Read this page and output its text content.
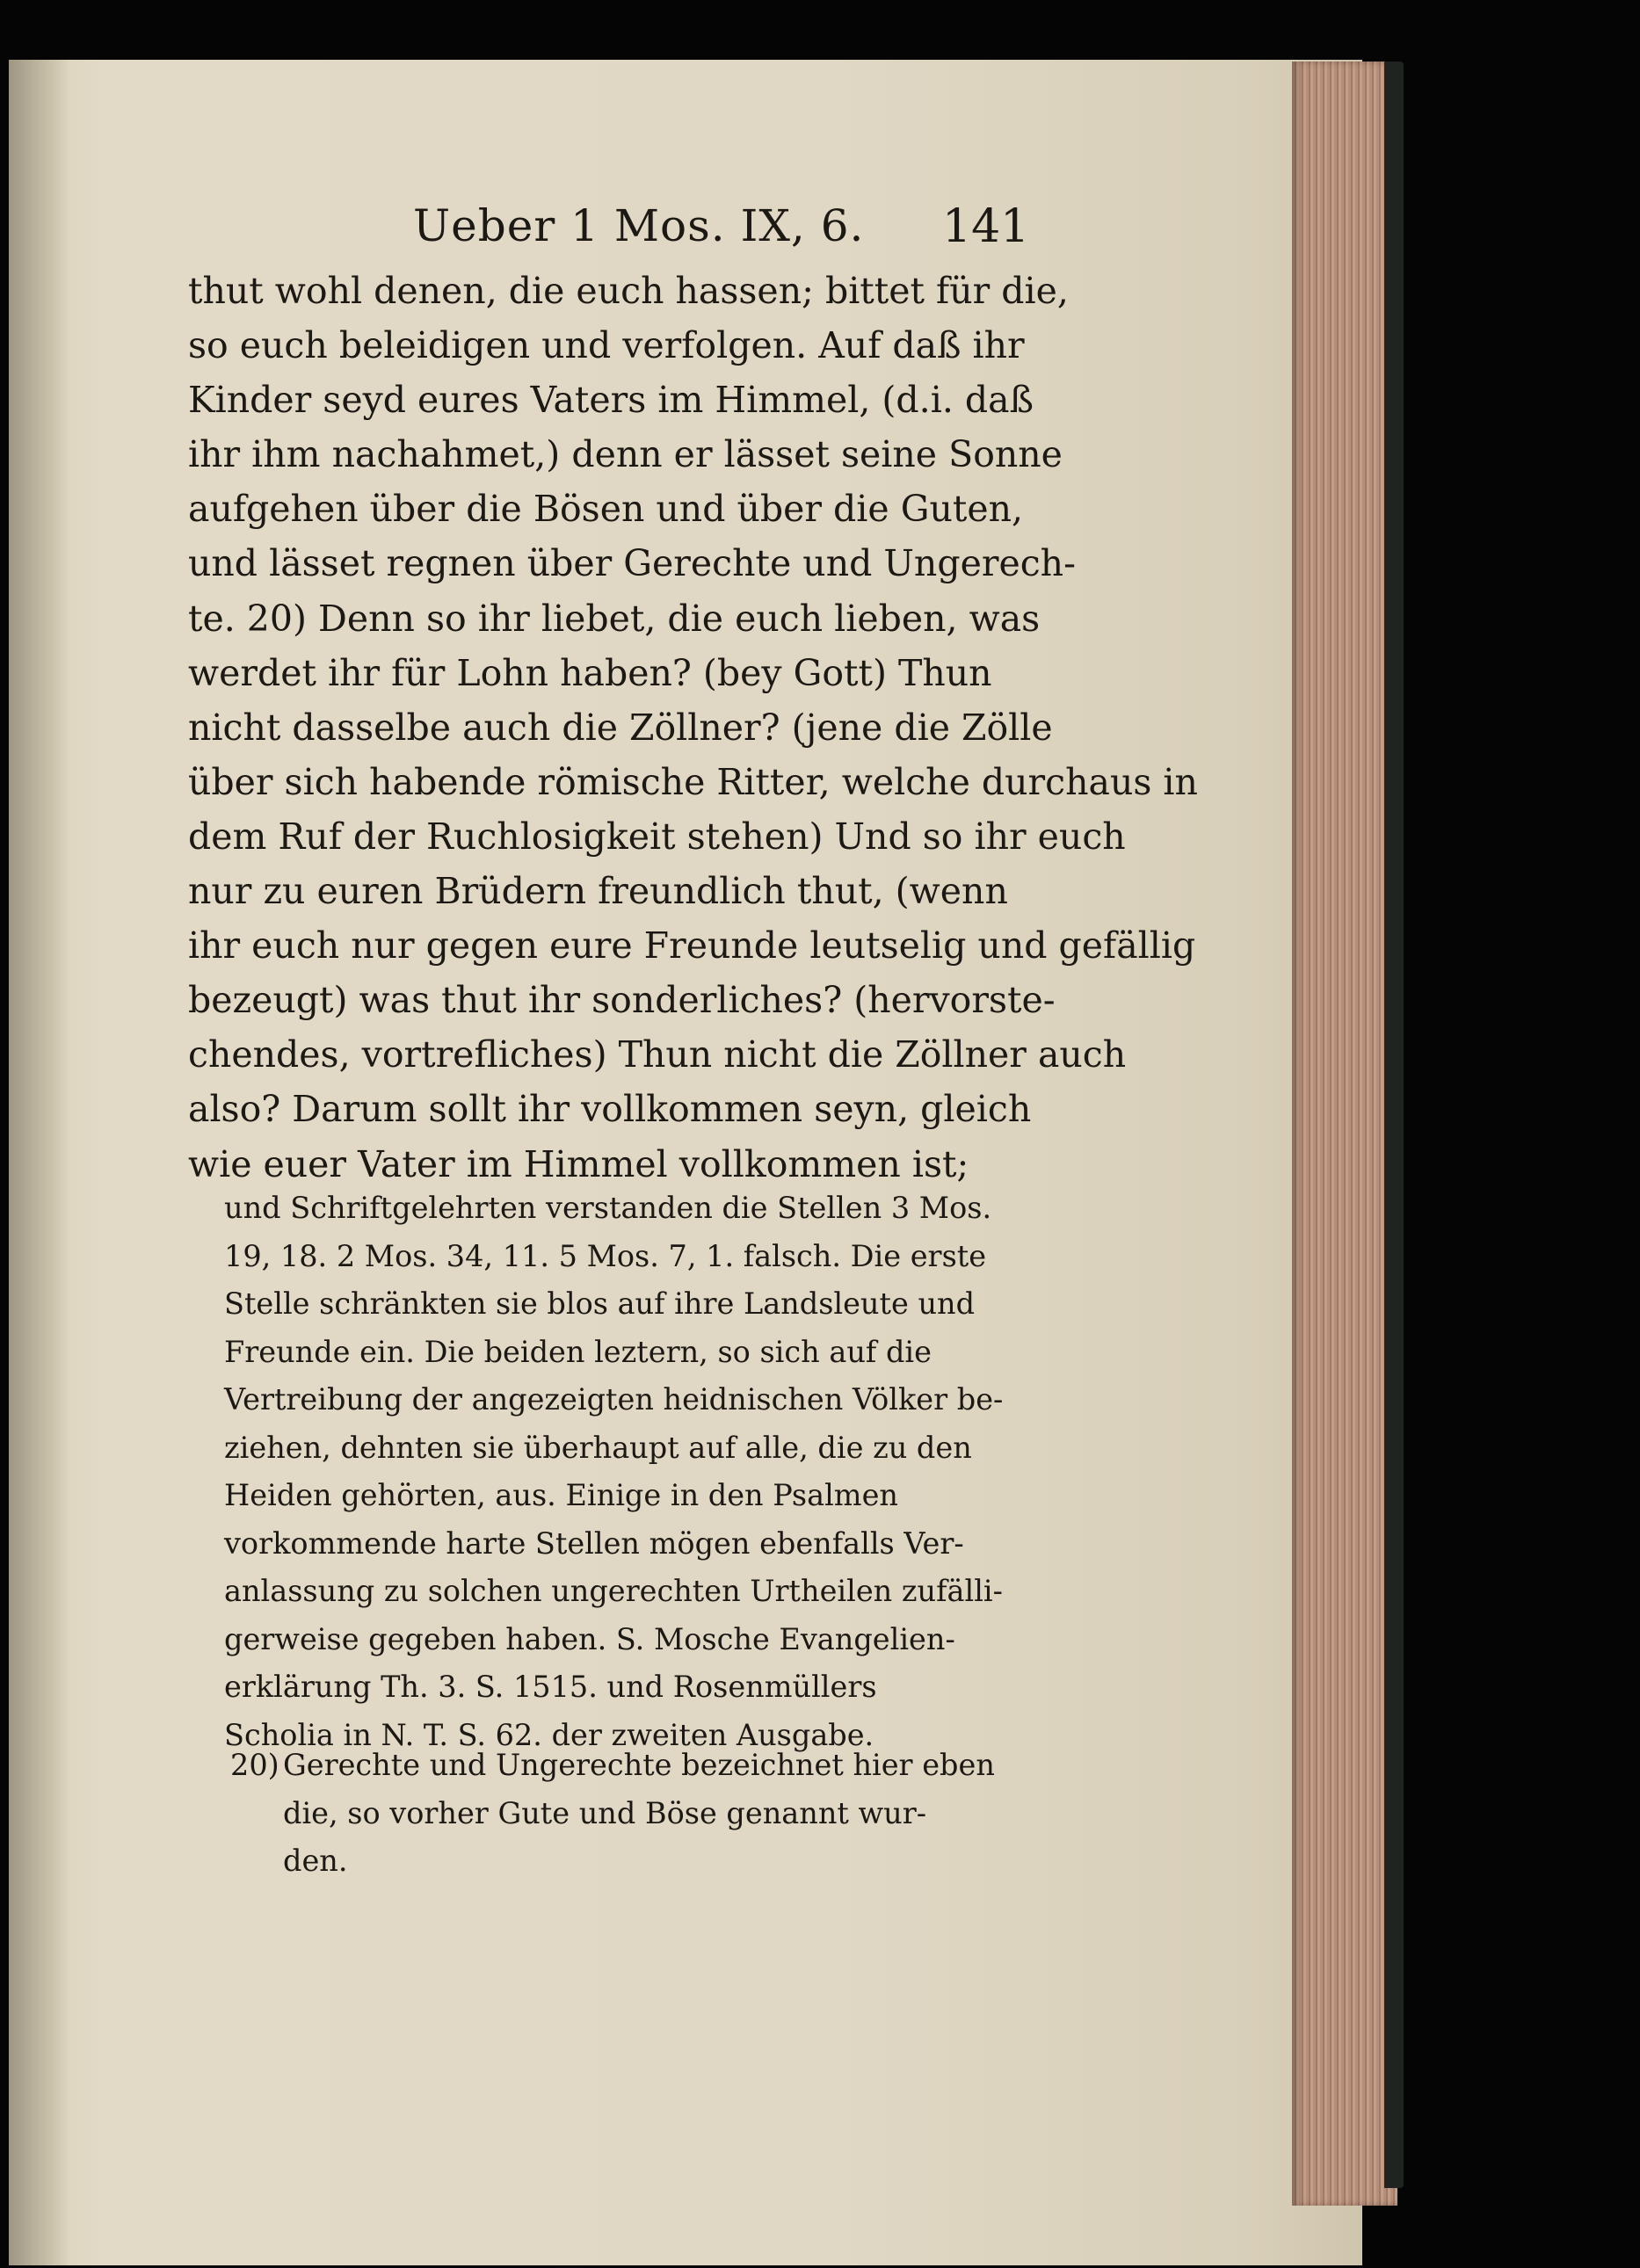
Ueber 1 Mos. IX, 6. 141
thut wohl denen, die euch hassen; bittet für die,
so euch beleidigen und verfolgen. Auf daß ihr
Kinder seyd eures Vaters im Himmel, (d.i. daß
ihr ihm nachahmet,) denn er lässet seine Sonne
aufgehen über die Bösen und über die Guten,
und lässet regnen über Gerechte und Ungerech-
te. 20) Denn so ihr liebet, die euch lieben, was
werdet ihr für Lohn haben? (bey Gott) Thun
nicht dasselbe auch die Zöllner? (jene die Zölle
über sich habende römische Ritter, welche durchaus in
dem Ruf der Ruchlosigkeit stehen) Und so ihr euch
nur zu euren Brüdern freundlich thut, (wenn
ihr euch nur gegen eure Freunde leutselig und gefällig
bezeugt) was thut ihr sonderliches? (hervorste-
chendes, vortrefliches) Thun nicht die Zöllner auch
also? Darum sollt ihr vollkommen seyn, gleich
wie euer Vater im Himmel vollkommen ist;
und Schriftgelehrten verstanden die Stellen 3 Mos.
19, 18. 2 Mos. 34, 11. 5 Mos. 7, 1. falsch. Die erste
Stelle schränkten sie blos auf ihre Landsleute und
Freunde ein. Die beiden leztern, so sich auf die
Vertreibung der angezeigten heidnischen Völker be-
ziehen, dehnten sie überhaupt auf alle, die zu den
Heiden gehörten, aus. Einige in den Psalmen
vorkommende harte Stellen mögen ebenfalls Ver-
anlassung zu solchen ungerechten Urtheilen zufälli-
gerweise gegeben haben. S. Mosche Evangelien-
erklärung Th. 3. S. 1515. und Rosenmüllers
Scholia in N. T. S. 62. der zweiten Ausgabe.
20) Gerechte und Ungerechte bezeichnet hier eben
die, so vorher Gute und Böse genannt wur-
den.
